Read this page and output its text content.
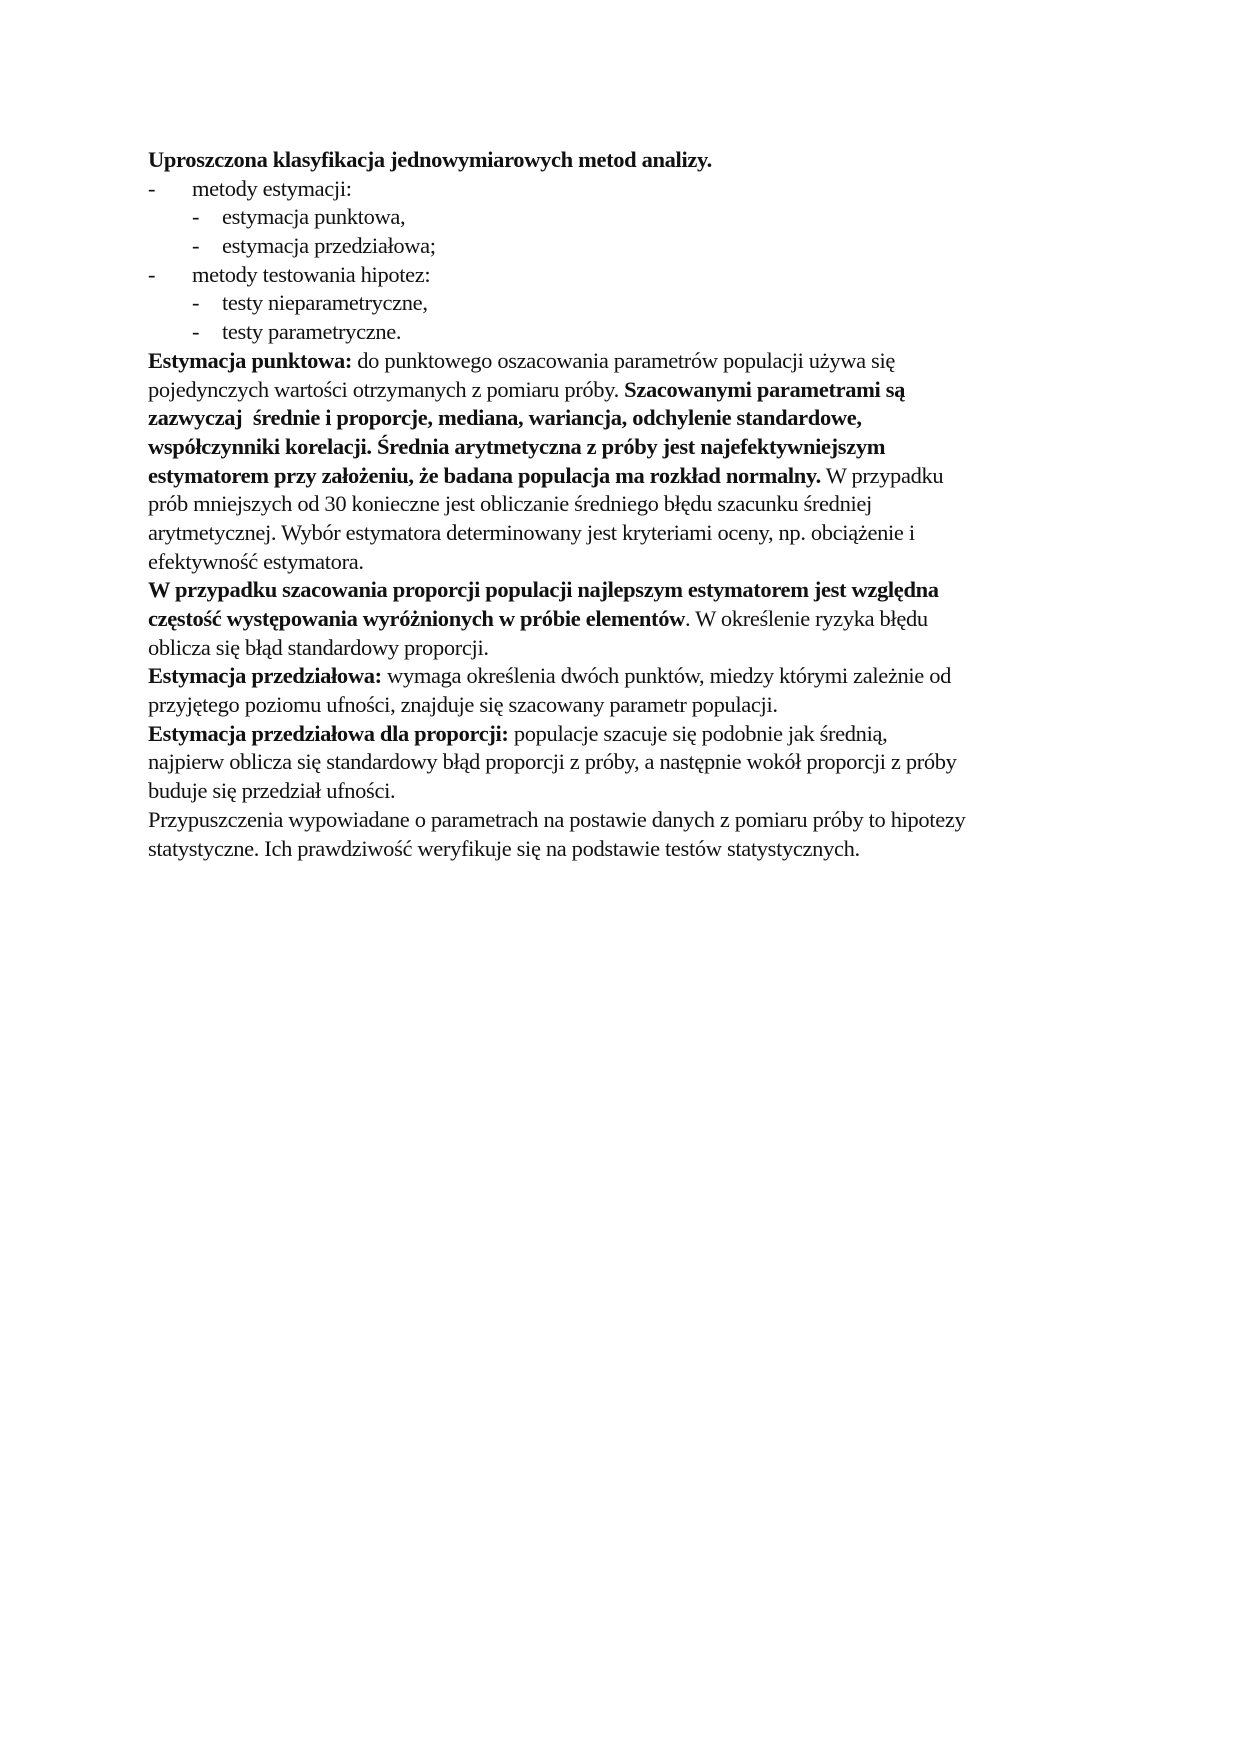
Uproszczona klasyfikacja jednowymiarowych metod analizy.
- metody estymacji:
- estymacja punktowa,
- estymacja przedziałowa;
- metody testowania hipotez:
- testy nieparametryczne,
- testy parametryczne.
Estymacja punktowa: do punktowego oszacowania parametrów populacji używa się
pojedynczych wartości otrzymanych z pomiaru próby. Szacowanymi parametrami są
zazwyczaj  średnie i proporcje, mediana, wariancja, odchylenie standardowe,
współczynniki korelacji. Średnia arytmetyczna z próby jest najefektywniejszym
estymatorem przy założeniu, że badana populacja ma rozkład normalny. W przypadku
prób mniejszych od 30 konieczne jest obliczanie średniego błędu szacunku średniej
arytmetycznej. Wybór estymatora determinowany jest kryteriami oceny, np. obciążenie i
efektywność estymatora.
W przypadku szacowania proporcji populacji najlepszym estymatorem jest względna
częstość występowania wyróżnionych w próbie elementów. W określenie ryzyka błędu
oblicza się błąd standardowy proporcji.
Estymacja przedziałowa: wymaga określenia dwóch punktów, miedzy którymi zależnie od
przyjętego poziomu ufności, znajduje się szacowany parametr populacji.
Estymacja przedziałowa dla proporcji: populacje szacuje się podobnie jak średnią,
najpierw oblicza się standardowy błąd proporcji z próby, a następnie wokół proporcji z próby
buduje się przedział ufności.
Przypuszczenia wypowiadane o parametrach na postawie danych z pomiaru próby to hipotezy
statystyczne. Ich prawdziwość weryfikuje się na podstawie testów statystycznych.
